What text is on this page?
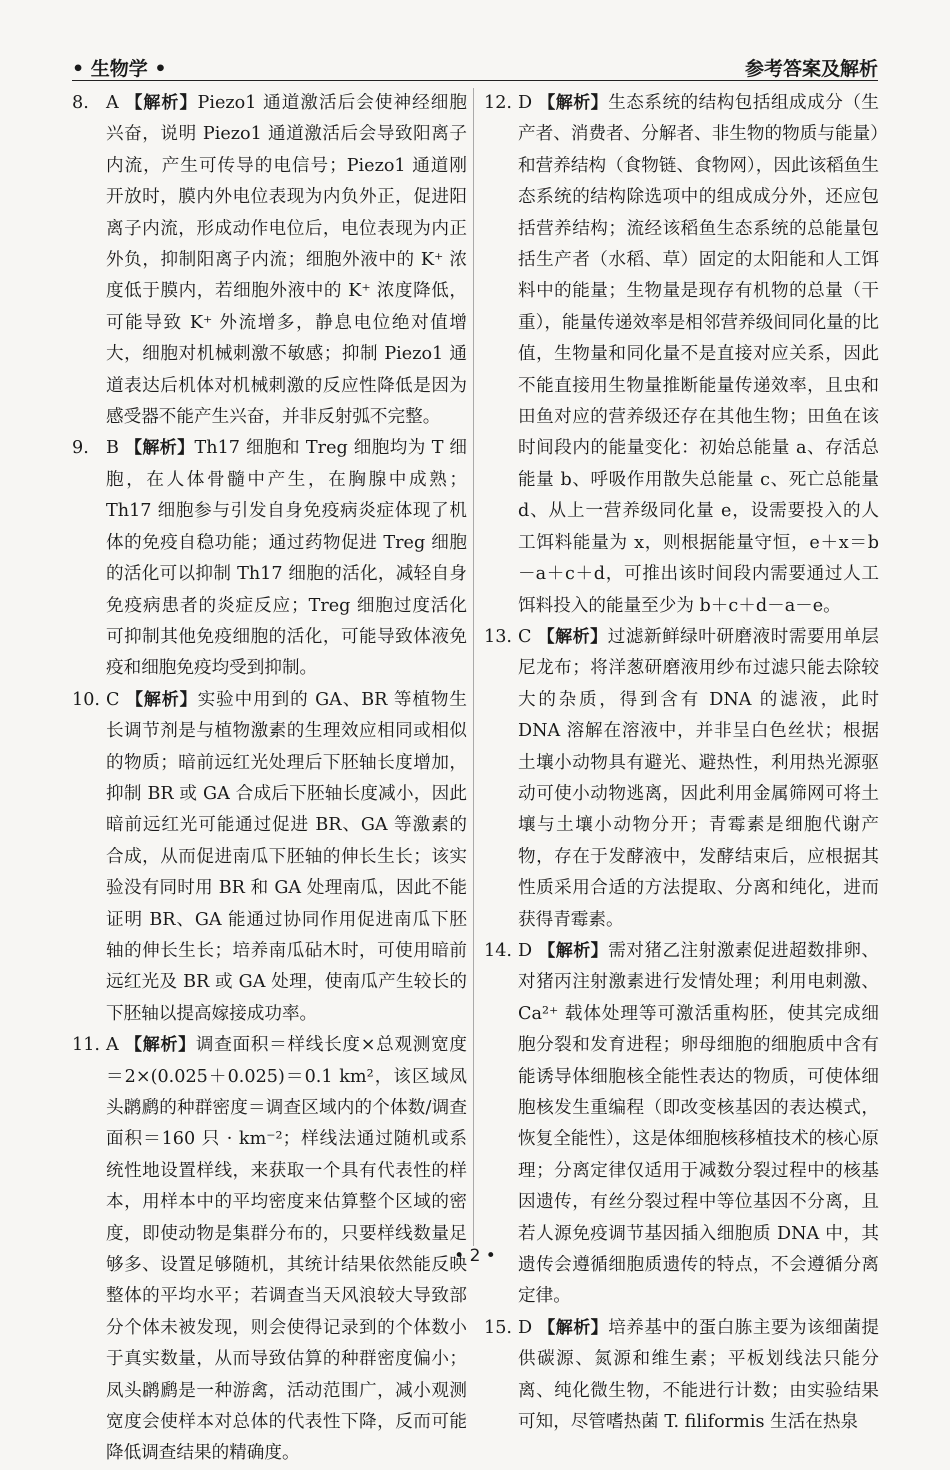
• 生物学 •	参考答案及解析
8. A 【解析】Piezo1 通道激活后会使神经细胞兴奋，说明 Piezo1 通道激活后会导致阳离子内流，产生可传导的电信号；Piezo1 通道刚开放时，膜内外电位表现为内负外正，促进阳离子内流，形成动作电位后，电位表现为内正外负，抑制阳离子内流；细胞外液中的 K⁺ 浓度低于膜内，若细胞外液中的 K⁺ 浓度降低，可能导致 K⁺ 外流增多，静息电位绝对值增大，细胞对机械刺激不敏感；抑制 Piezo1 通道表达后机体对机械刺激的反应性降低是因为感受器不能产生兴奋，并非反射弧不完整。
9. B 【解析】Th17 细胞和 Treg 细胞均为 T 细胞，在人体骨髓中产生，在胸腺中成熟；Th17 细胞参与引发自身免疫病炎症体现了机体的免疫自稳功能；通过药物促进 Treg 细胞的活化可以抑制 Th17 细胞的活化，减轻自身免疫病患者的炎症反应；Treg 细胞过度活化可抑制其他免疫细胞的活化，可能导致体液免疫和细胞免疫均受到抑制。
10. C 【解析】实验中用到的 GA、BR 等植物生长调节剂是与植物激素的生理效应相同或相似的物质；暗前远红光处理后下胚轴长度增加，抑制 BR 或 GA 合成后下胚轴长度减小，因此暗前远红光可能通过促进 BR、GA 等激素的合成，从而促进南瓜下胚轴的伸长生长；该实验没有同时用 BR 和 GA 处理南瓜，因此不能证明 BR、GA 能通过协同作用促进南瓜下胚轴的伸长生长；培养南瓜砧木时，可使用暗前远红光及 BR 或 GA 处理，使南瓜产生较长的下胚轴以提高嫁接成功率。
11. A 【解析】调查面积＝样线长度×总观测宽度＝2×(0.025＋0.025)＝0.1 km²，该区域凤头䴙䴘的种群密度＝调查区域内的个体数/调查面积＝160 只 · km⁻²；样线法通过随机或系统性地设置样线，来获取一个具有代表性的样本，用样本中的平均密度来估算整个区域的密度，即使动物是集群分布的，只要样线数量足够多、设置足够随机，其统计结果依然能反映整体的平均水平；若调查当天风浪较大导致部分个体未被发现，则会使得记录到的个体数小于真实数量，从而导致估算的种群密度偏小；凤头䴙䴘是一种游禽，活动范围广，减小观测宽度会使样本对总体的代表性下降，反而可能降低调查结果的精确度。
12. D 【解析】生态系统的结构包括组成成分（生产者、消费者、分解者、非生物的物质与能量）和营养结构（食物链、食物网），因此该稻鱼生态系统的结构除选项中的组成成分外，还应包括营养结构；流经该稻鱼生态系统的总能量包括生产者（水稻、草）固定的太阳能和人工饵料中的能量；生物量是现存有机物的总量（干重），能量传递效率是相邻营养级间同化量的比值，生物量和同化量不是直接对应关系，因此不能直接用生物量推断能量传递效率，且虫和田鱼对应的营养级还存在其他生物；田鱼在该时间段内的能量变化：初始总能量 a、存活总能量 b、呼吸作用散失总能量 c、死亡总能量 d、从上一营养级同化量 e，设需要投入的人工饵料能量为 x，则根据能量守恒，e＋x＝b－a＋c＋d，可推出该时间段内需要通过人工饵料投入的能量至少为 b＋c＋d－a－e。
13. C 【解析】过滤新鲜绿叶研磨液时需要用单层尼龙布；将洋葱研磨液用纱布过滤只能去除较大的杂质，得到含有 DNA 的滤液，此时 DNA 溶解在溶液中，并非呈白色丝状；根据土壤小动物具有避光、避热性，利用热光源驱动可使小动物逃离，因此利用金属筛网可将土壤与土壤小动物分开；青霉素是细胞代谢产物，存在于发酵液中，发酵结束后，应根据其性质采用合适的方法提取、分离和纯化，进而获得青霉素。
14. D 【解析】需对猪乙注射激素促进超数排卵、对猪丙注射激素进行发情处理；利用电刺激、Ca²⁺ 载体处理等可激活重构胚，使其完成细胞分裂和发育进程；卵母细胞的细胞质中含有能诱导体细胞核全能性表达的物质，可使体细胞核发生重编程（即改变核基因的表达模式，恢复全能性），这是体细胞核移植技术的核心原理；分离定律仅适用于减数分裂过程中的核基因遗传，有丝分裂过程中等位基因不分离，且若人源免疫调节基因插入细胞质 DNA 中，其遗传会遵循细胞质遗传的特点，不会遵循分离定律。
15. D 【解析】培养基中的蛋白胨主要为该细菌提供碳源、氮源和维生素；平板划线法只能分离、纯化微生物，不能进行计数；由实验结果可知，尽管嗜热菌 T. filiformis 生活在热泉
• 2 •
